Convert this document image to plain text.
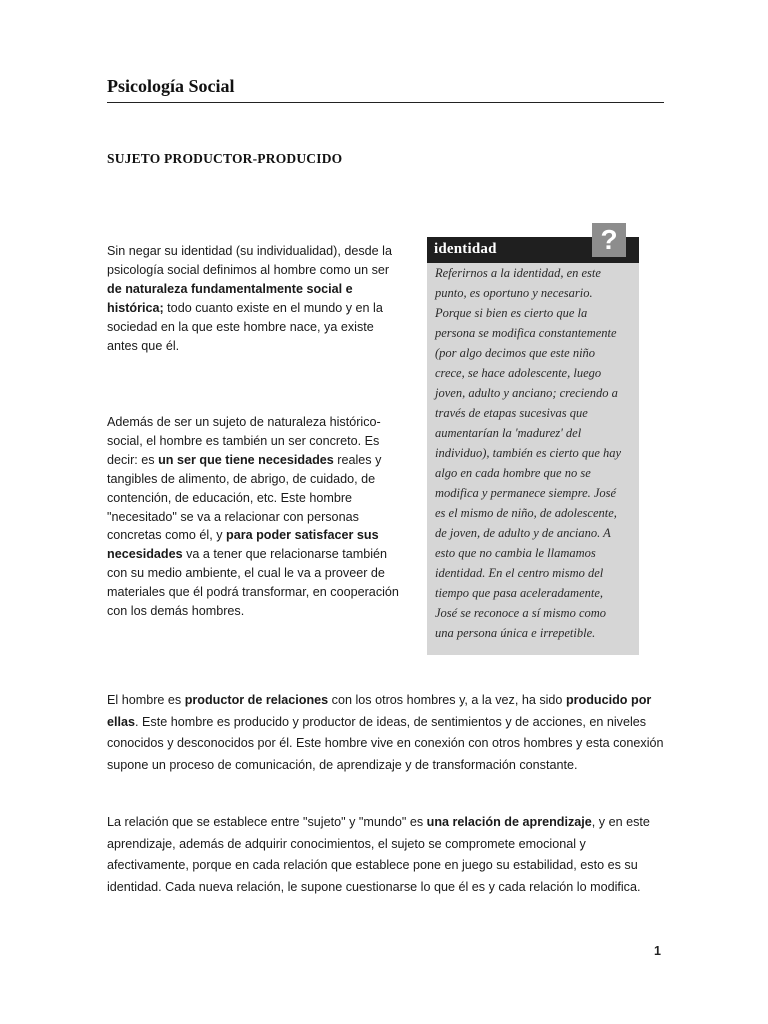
Psicología Social
SUJETO PRODUCTOR-PRODUCIDO

Sin negar su identidad (su individualidad), desde la psicología social definimos al hombre como un ser de naturaleza fundamentalmente social e histórica; todo cuanto existe en el mundo y en la sociedad en la que este hombre nace, ya existe antes que él.

Además de ser un sujeto de naturaleza histórico-social, el hombre es también un ser concreto. Es decir: es un ser que tiene necesidades reales y tangibles de alimento, de abrigo, de cuidado, de contención, de educación, etc. Este hombre "necesitado" se va a relacionar con personas concretas como él, y para poder satisfacer sus necesidades va a tener que relacionarse también con su medio ambiente, el cual le va a proveer de materiales que él podrá transformar, en cooperación con los demás hombres.

identidad	?

Referirnos a la identidad, en este
punto, es oportuno y necesario.
Porque si bien es cierto que la
persona se modifica constantemente
(por algo decimos que este niño
crece, se hace adolescente, luego
joven, adulto y anciano; creciendo a
través de etapas sucesivas que
aumentarían la 'madurez' del
individuo), también es cierto que hay
algo en cada hombre que no se
modifica y permanece siempre. José
es el mismo de niño, de adolescente,
de joven, de adulto y de anciano. A
esto que no cambia le llamamos
identidad. En el centro mismo del
tiempo que pasa aceleradamente,
José se reconoce a sí mismo como
una persona única e irrepetible.

El hombre es productor de relaciones con los otros hombres y, a la vez, ha sido producido por ellas. Este hombre es producido y productor de ideas, de sentimientos y de acciones, en niveles conocidos y desconocidos por él. Este hombre vive en conexión con otros hombres y esta conexión supone un proceso de comunicación, de aprendizaje y de transformación constante.

La relación que se establece entre "sujeto" y "mundo" es una relación de aprendizaje, y en este aprendizaje, además de adquirir conocimientos, el sujeto se compromete emocional y afectivamente, porque en cada relación que establece pone en juego su estabilidad, esto es su identidad. Cada nueva relación, le supone cuestionarse lo que él es y cada relación lo modifica.

1
